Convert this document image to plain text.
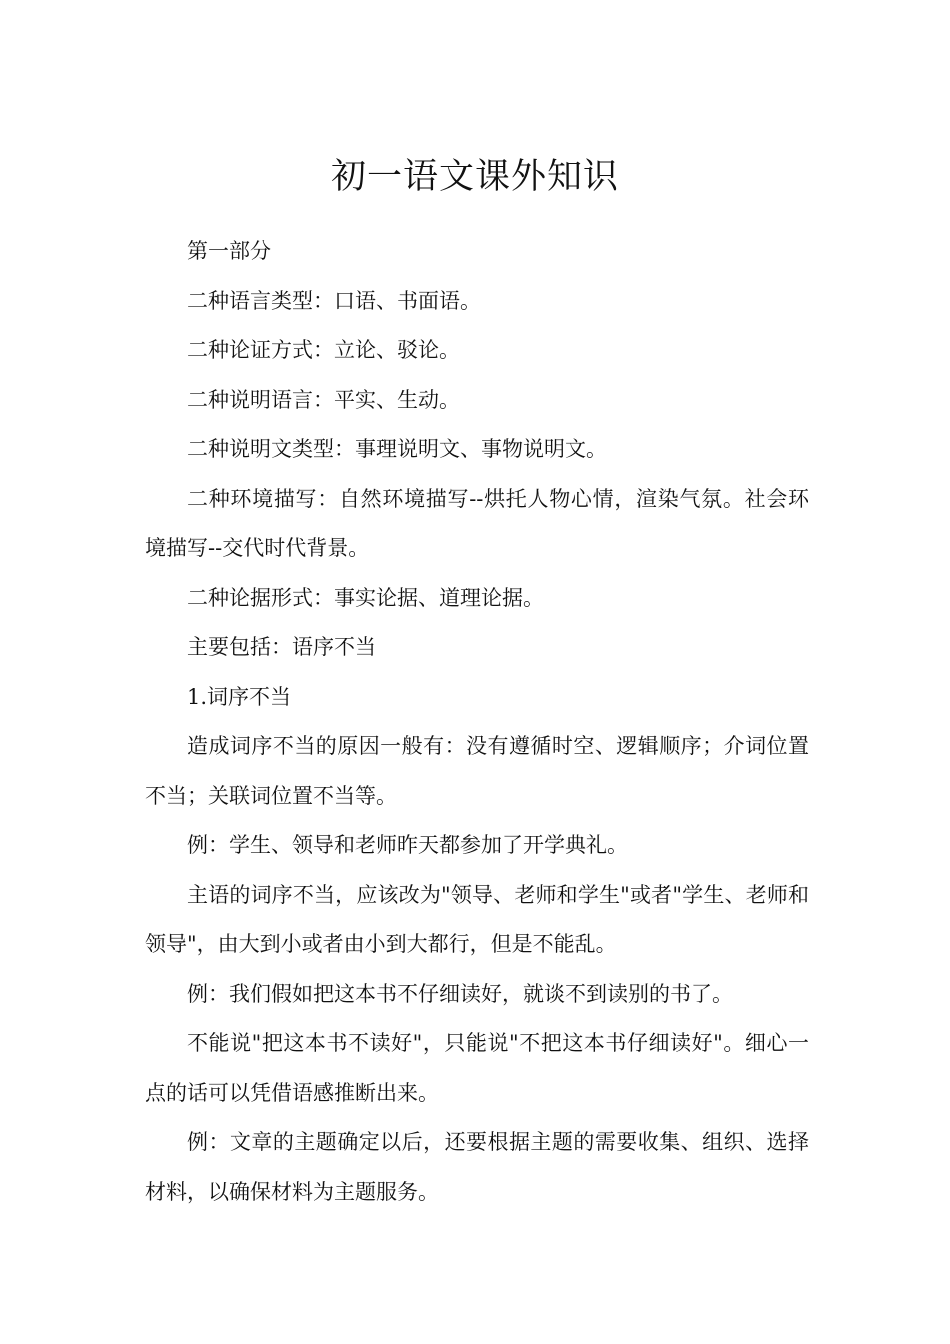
初一语文课外知识

第一部分

二种语言类型：口语、书面语。

二种论证方式：立论、驳论。

二种说明语言：平实、生动。

二种说明文类型：事理说明文、事物说明文。

二种环境描写：自然环境描写--烘托人物心情，渲染气氛。社会环境描写--交代时代背景。

二种论据形式：事实论据、道理论据。

主要包括：语序不当

1.词序不当

造成词序不当的原因一般有：没有遵循时空、逻辑顺序；介词位置不当；关联词位置不当等。

例：学生、领导和老师昨天都参加了开学典礼。

主语的词序不当，应该改为"领导、老师和学生"或者"学生、老师和领导"，由大到小或者由小到大都行，但是不能乱。

例：我们假如把这本书不仔细读好，就谈不到读别的书了。

不能说"把这本书不读好"，只能说"不把这本书仔细读好"。细心一点的话可以凭借语感推断出来。

例：文章的主题确定以后，还要根据主题的需要收集、组织、选择材料，以确保材料为主题服务。
